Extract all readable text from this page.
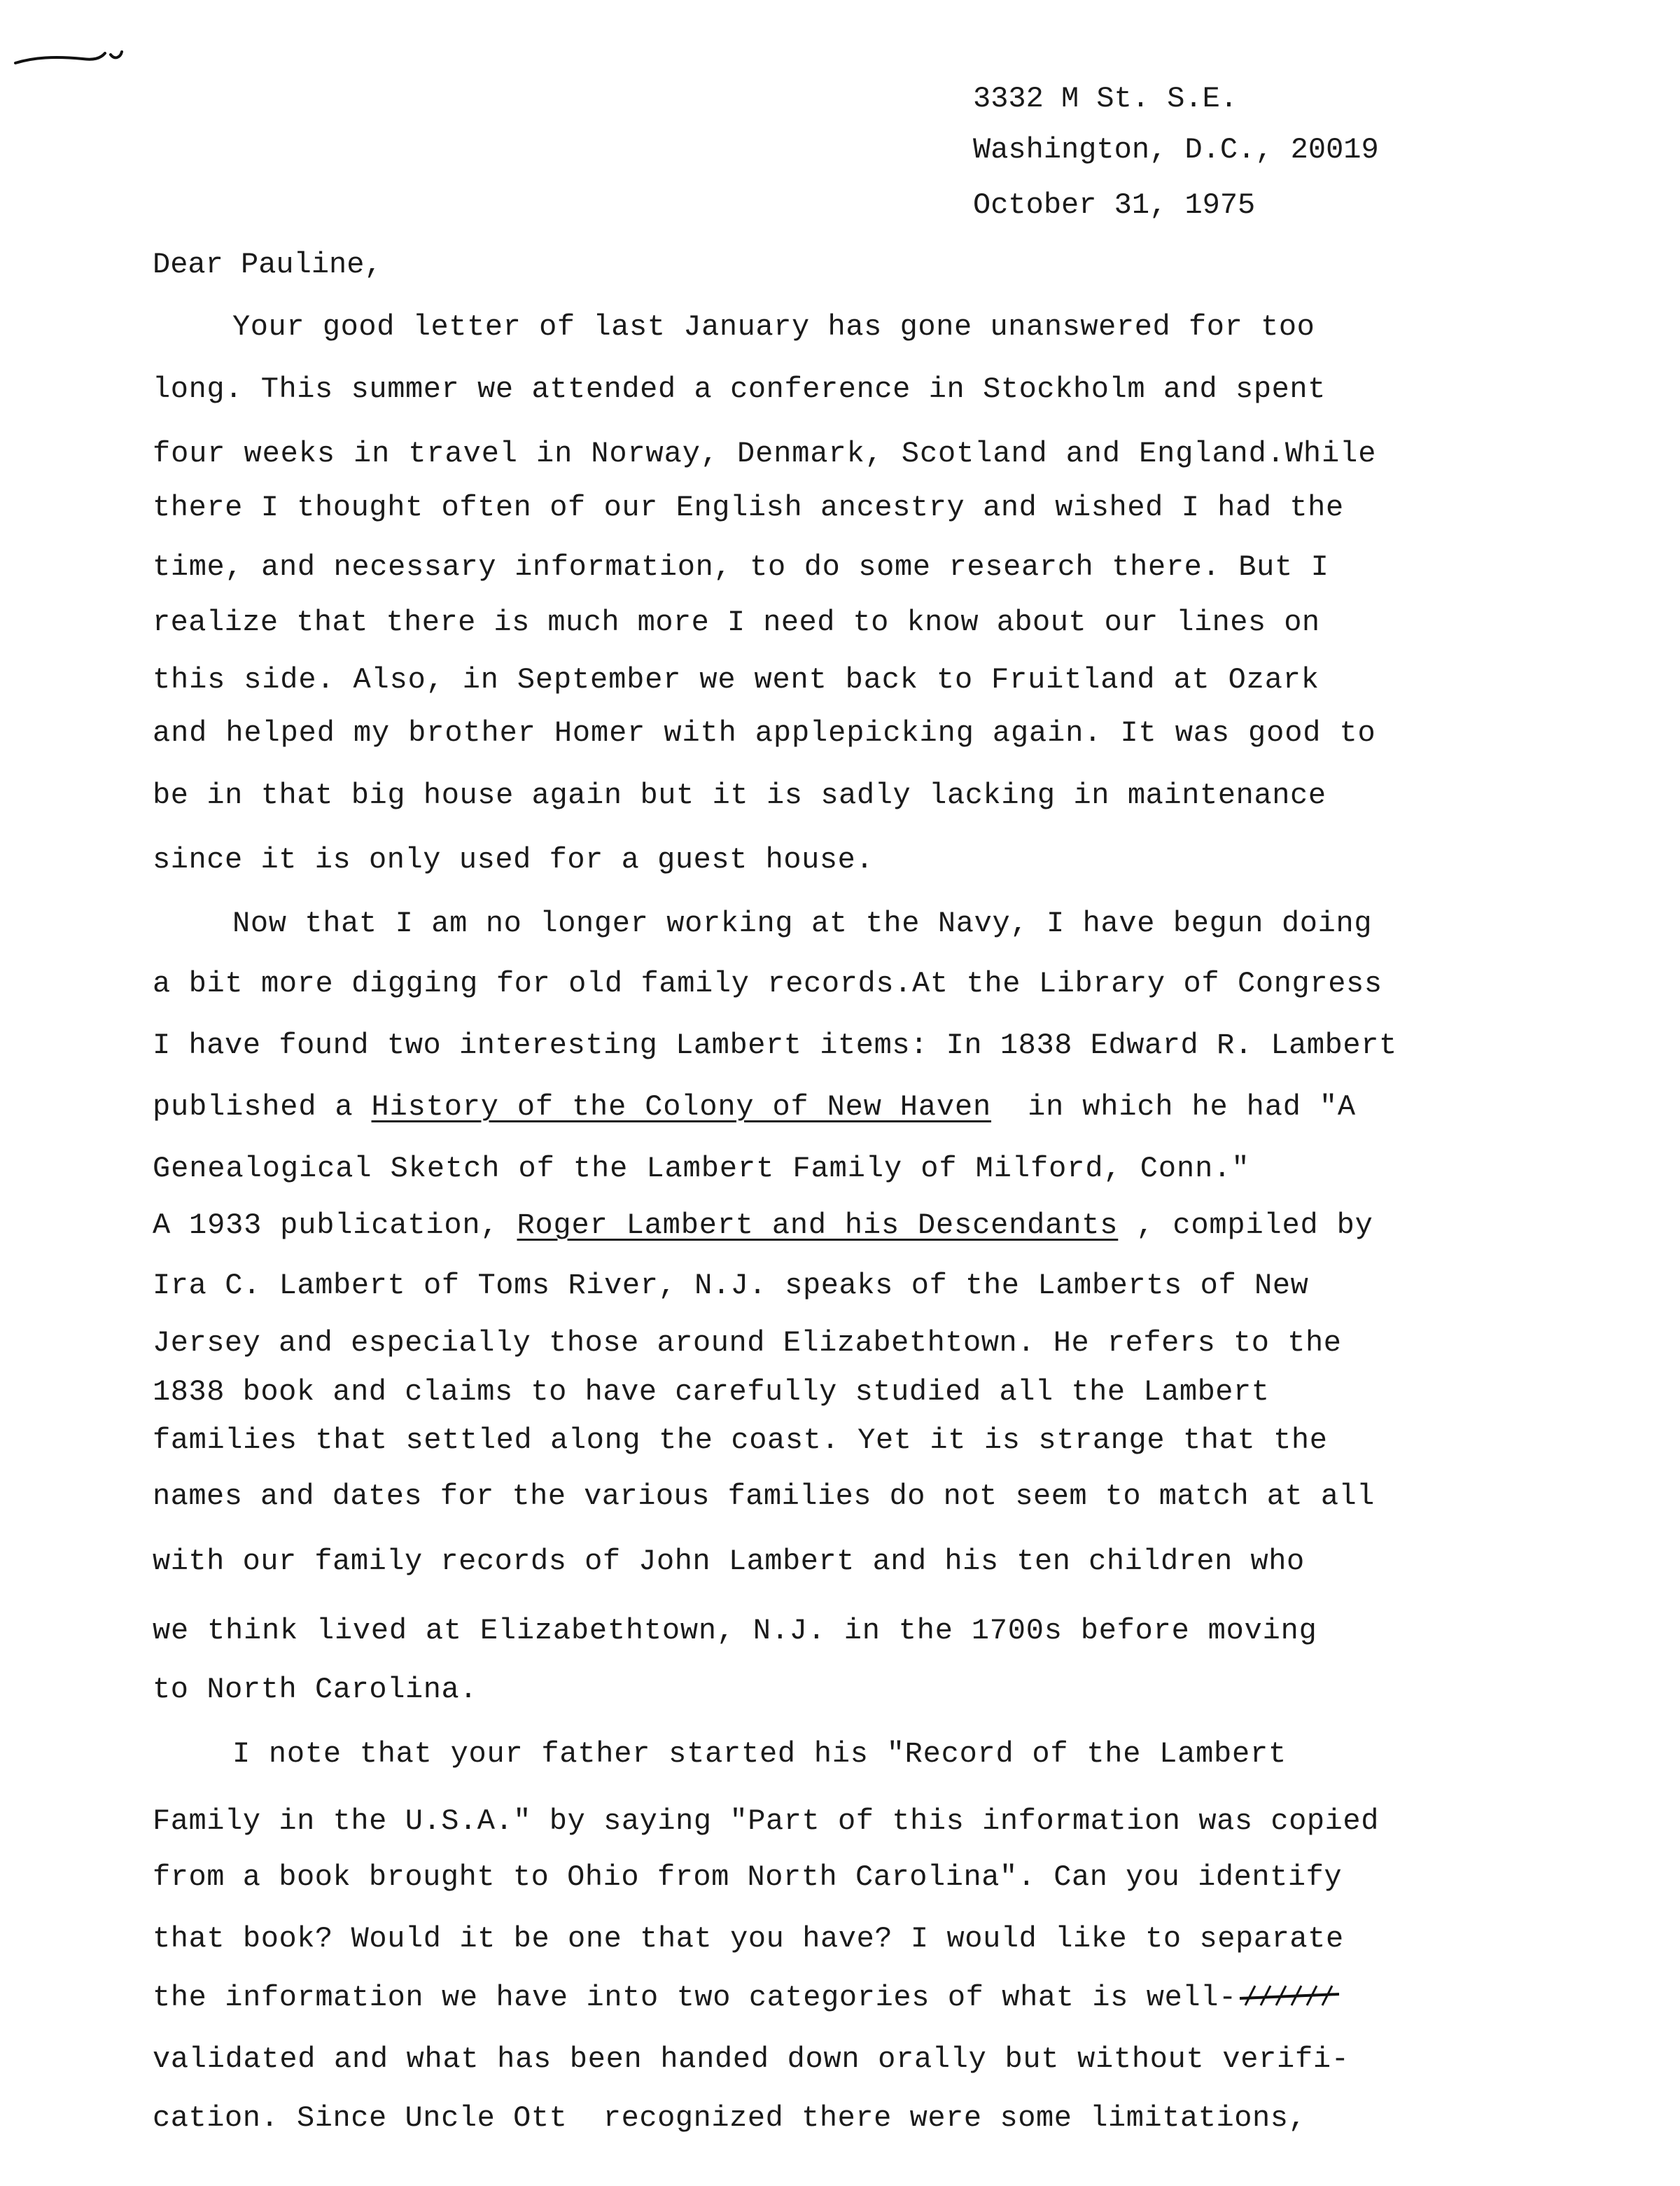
3332 M St. S.E.
Washington, D.C., 20019
October 31, 1975
Dear Pauline,
Your good letter of last January has gone unanswered for too
long. This summer we attended a conference in Stockholm and spent
four weeks in travel in Norway, Denmark, Scotland and England.While
there I thought often of our English ancestry and wished I had the
time, and necessary information, to do some research there. But I
realize that there is much more I need to know about our lines on
this side. Also, in September we went back to Fruitland at Ozark
and helped my brother Homer with applepicking again. It was good to
be in that big house again but it is sadly lacking in maintenance
since it is only used for a guest house.
Now that I am no longer working at the Navy, I have begun doing
a bit more digging for old family records.At the Library of Congress
I have found two interesting Lambert items: In 1838 Edward R. Lambert
published a History of the Colony of New Haven  in which he had "A
Genealogical Sketch of the Lambert Family of Milford, Conn."
A 1933 publication, Roger Lambert and his Descendants , compiled by
Ira C. Lambert of Toms River, N.J. speaks of the Lamberts of New
Jersey and especially those around Elizabethtown. He refers to the
1838 book and claims to have carefully studied all the Lambert
families that settled along the coast. Yet it is strange that the
names and dates for the various families do not seem to match at all
with our family records of John Lambert and his ten children who
we think lived at Elizabethtown, N.J. in the 1700s before moving
to North Carolina.
I note that your father started his "Record of the Lambert
Family in the U.S.A." by saying "Part of this information was copied
from a book brought to Ohio from North Carolina". Can you identify
that book? Would it be one that you have? I would like to separate
the information we have into two categories of what is well-
validated and what has been handed down orally but without verifi-
cation. Since Uncle Ott  recognized there were some limitations,
